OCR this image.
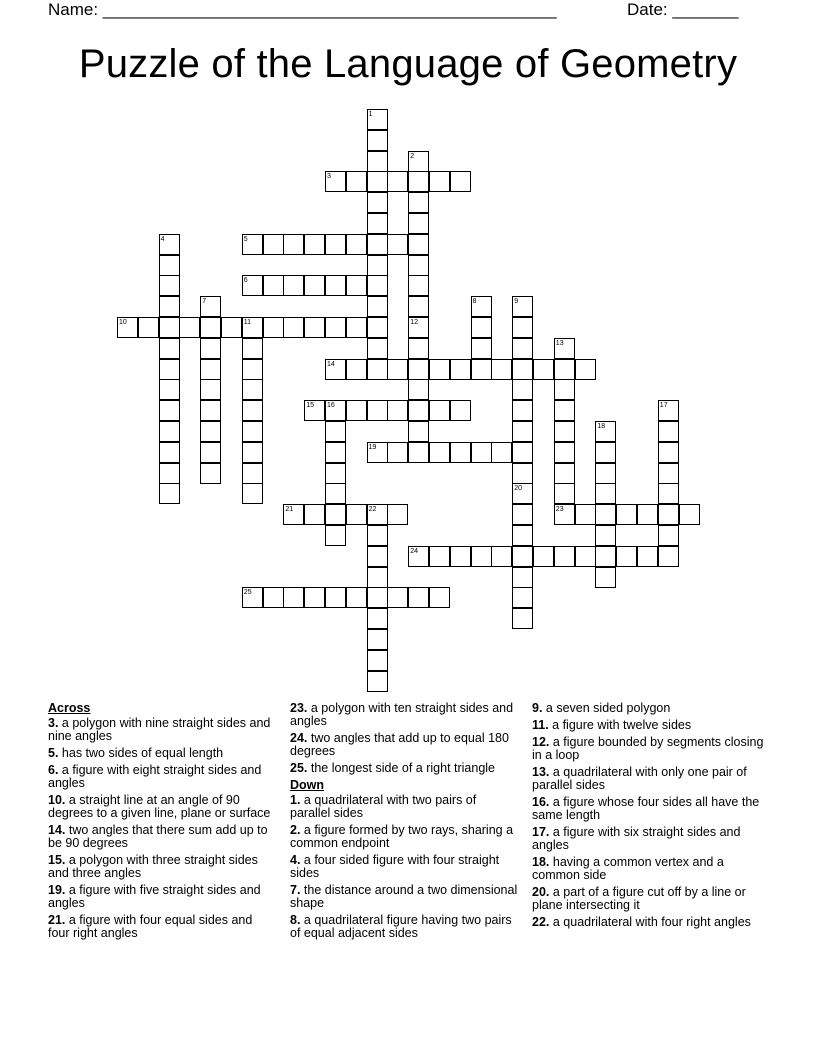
Name: ________________________________________________	Date: _______
Puzzle of the Language of Geometry
3
5
6
10	11
14
15 16
19
21	22	23
24
25
1
2
12
4
7	8	9
13
17
18
20
Across
3. a polygon with nine straight sides and nine angles
5. has two sides of equal length
6. a figure with eight straight sides and angles
10. a straight line at an angle of 90 degrees to a given line, plane or surface
14. two angles that there sum add up to be 90 degrees
15. a polygon with three straight sides and three angles
19. a figure with five straight sides and angles
21. a figure with four equal sides and four right angles
23. a polygon with ten straight sides and angles
24. two angles that add up to equal 180 degrees
25. the longest side of a right triangle
Down
1. a quadrilateral with two pairs of parallel sides
2. a figure formed by two rays, sharing a common endpoint
4. a four sided figure with four straight sides
7. the distance around a two dimensional shape
8. a quadrilateral figure having two pairs of equal adjacent sides
9. a seven sided polygon
11. a figure with twelve sides
12. a figure bounded by segments closing in a loop
13. a quadrilateral with only one pair of parallel sides
16. a figure whose four sides all have the same length
17. a figure with six straight sides and angles
18. having a common vertex and a common side
20. a part of a figure cut off by a line or plane intersecting it
22. a quadrilateral with four right angles
